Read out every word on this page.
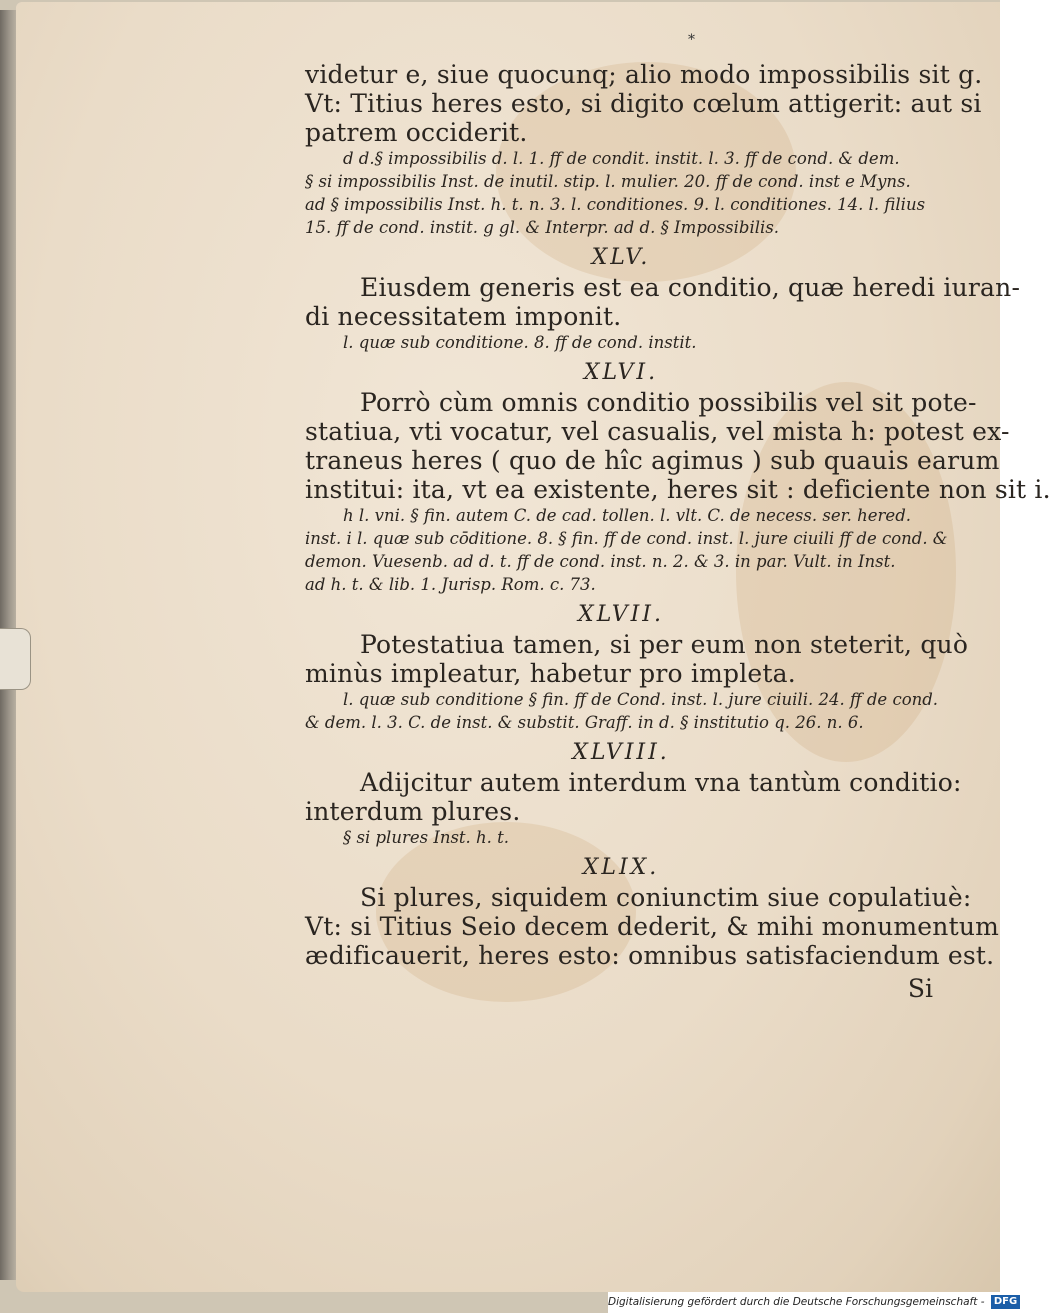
*
videtur e, siue quocunq; alio modo impossibilis sit g.
Vt: Titius heres esto, si digito cœlum attigerit: aut si
patrem occiderit.
d d.§ impossibilis d. l. 1. ff de condit. instit. l. 3. ff de cond. & dem.
§ si impossibilis Inst. de inutil. stip. l. mulier. 20. ff de cond. inst e Myns.
ad § impossibilis Inst. h. t. n. 3. l. conditiones. 9. l. conditiones. 14. l. filius
15. ff de cond. instit. g gl. & Interpr. ad d. § Impossibilis.
XLV.
Eiusdem generis est ea conditio, quæ heredi iuran-
di necessitatem imponit.
l. quæ sub conditione. 8. ff de cond. instit.
XLVI.
Porrò cùm omnis conditio possibilis vel sit pote-
statiua, vti vocatur, vel casualis, vel mista h: potest ex-
traneus heres ( quo de hîc agimus ) sub quauis earum
institui: ita, vt ea existente, heres sit : deficiente non sit i.
h l. vni. § fin. autem C. de cad. tollen. l. vlt. C. de necess. ser. hered.
inst. i l. quæ sub cōditione. 8. § fin. ff de cond. inst. l. jure ciuili ff de cond. &
demon. Vuesenb. ad d. t. ff de cond. inst. n. 2. & 3. in par. Vult. in Inst.
ad h. t. & lib. 1. Jurisp. Rom. c. 73.
XLVII.
Potestatiua tamen, si per eum non steterit, quò
minùs impleatur, habetur pro impleta.
l. quæ sub conditione § fin. ff de Cond. inst. l. jure ciuili. 24. ff de cond.
& dem. l. 3. C. de inst. & substit. Graff. in d. § institutio q. 26. n. 6.
XLVIII.
Adijcitur autem interdum vna tantùm conditio:
interdum plures.
§ si plures Inst. h. t.
XLIX.
Si plures, siquidem coniunctim siue copulatiuè:
Vt: si Titius Seio decem dederit, & mihi monumentum
ædificauerit, heres esto: omnibus satisfaciendum est.
Si
Digitalisierung gefördert durch die Deutsche Forschungsgemeinschaft - DFG
